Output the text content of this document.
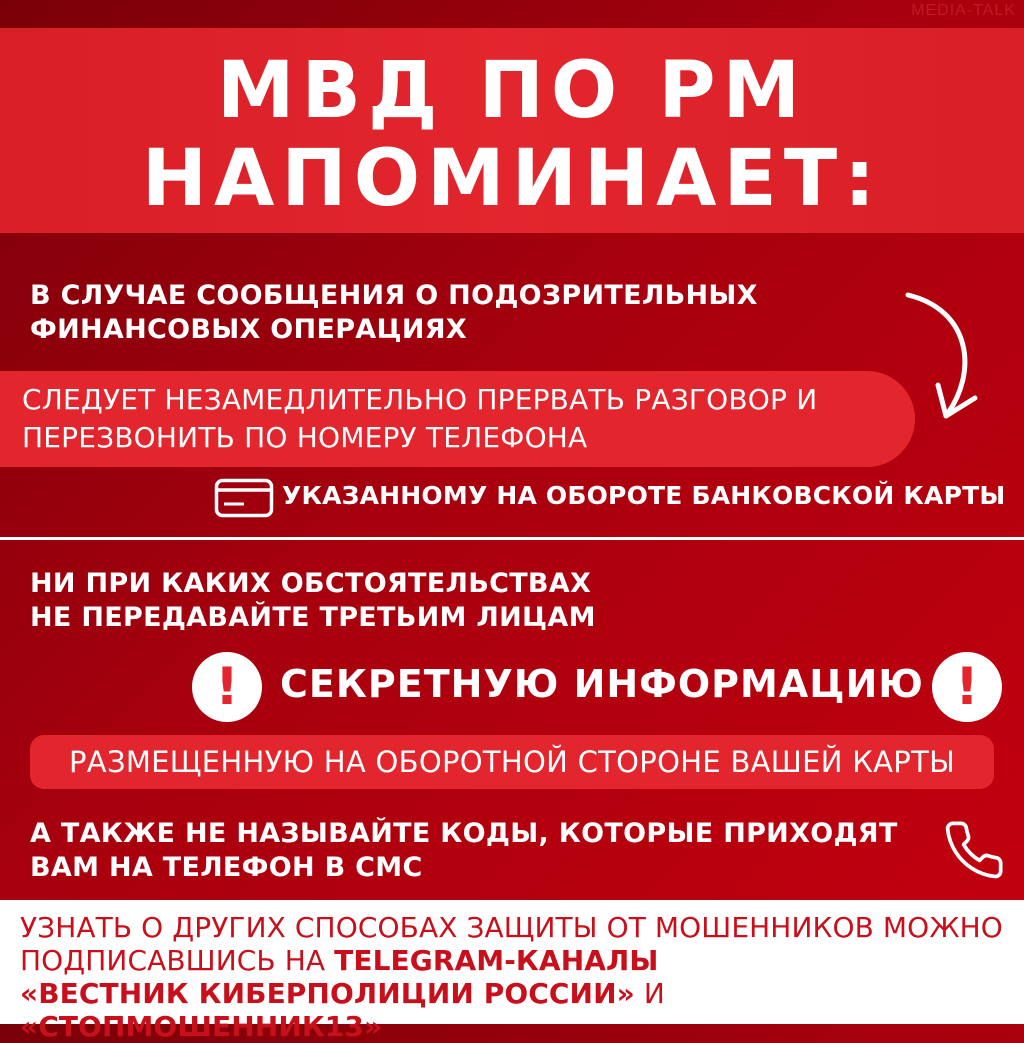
MEDIA-TALK
МВД ПО РМ
НАПОМИНАЕТ:
В СЛУЧАЕ СООБЩЕНИЯ О ПОДОЗРИТЕЛЬНЫХ
ФИНАНСОВЫХ ОПЕРАЦИЯХ
СЛЕДУЕТ НЕЗАМЕДЛИТЕЛЬНО ПРЕРВАТЬ РАЗГОВОР И
ПЕРЕЗВОНИТЬ ПО НОМЕРУ ТЕЛЕФОНА
УКАЗАННОМУ НА ОБОРОТЕ БАНКОВСКОЙ КАРТЫ
НИ ПРИ КАКИХ ОБСТОЯТЕЛЬСТВАХ
НЕ ПЕРЕДАВАЙТЕ ТРЕТЬИМ ЛИЦАМ
!	СЕКРЕТНУЮ ИНФОРМАЦИЮ !
РАЗМЕЩЕННУЮ НА ОБОРОТНОЙ СТОРОНЕ ВАШЕЙ КАРТЫ
А ТАКЖЕ НЕ НАЗЫВАЙТЕ КОДЫ, КОТОРЫЕ ПРИХОДЯТ
ВАМ НА ТЕЛЕФОН В СМС
УЗНАТЬ О ДРУГИХ СПОСОБАХ ЗАЩИТЫ ОТ МОШЕННИКОВ МОЖНО
ПОДПИСАВШИСЬ НА TELEGRAM-КАНАЛЫ
«ВЕСТНИК КИБЕРПОЛИЦИИ РОССИИ» И «СТОПМОШЕННИК13»
